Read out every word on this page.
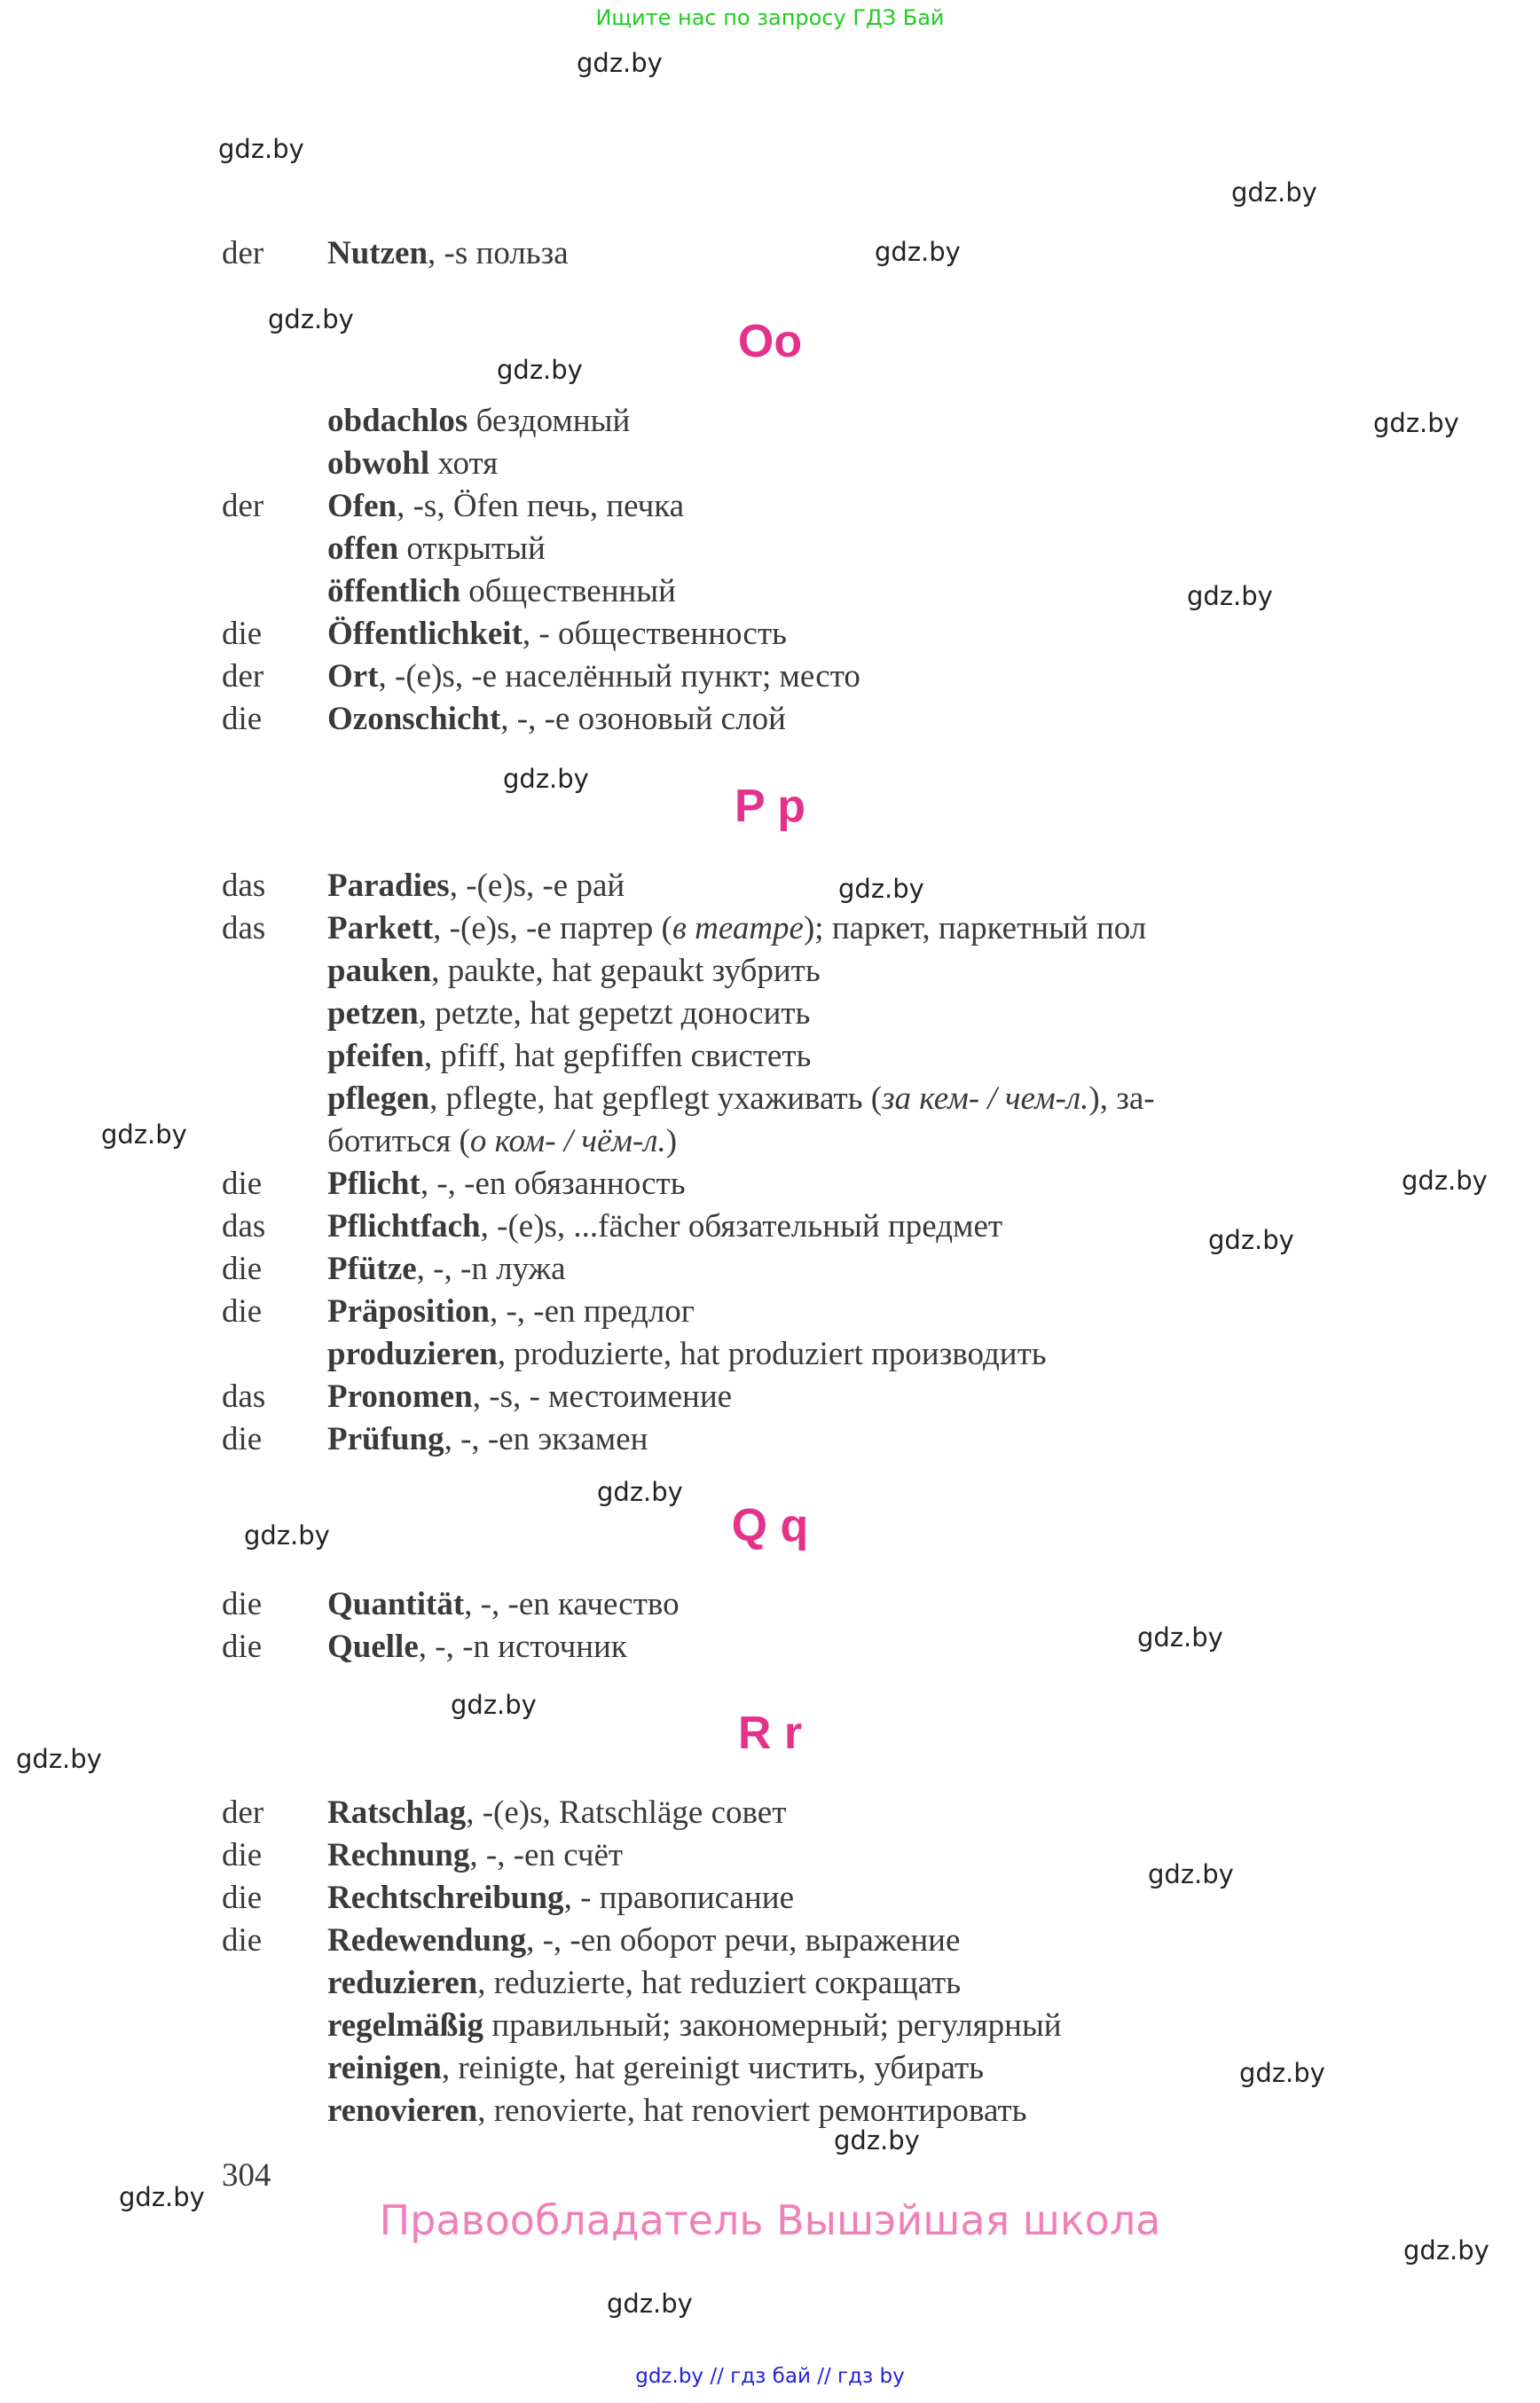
Ищите нас по запросу ГДЗ Бай
gdz.by
gdz.by
gdz.by
gdz.by
gdz.by
gdz.by
gdz.by
gdz.by
gdz.by
gdz.by
gdz.by
gdz.by
gdz.by
gdz.by
gdz.by
gdz.by
gdz.by
gdz.by
gdz.by
gdz.by
gdz.by
gdz.by
gdz.by
gdz.by
der Nutzen, -s польза
Oo
obdachlos бездомный
obwohl хотя
der Ofen, -s, Öfen печь, печка
offen открытый
öffentlich общественный
die Öffentlichkeit, - общественность
der Ort, -(e)s, -e населённый пункт; место
die Ozonschicht, -, -e озоновый слой
P p
das Paradies, -(e)s, -e рай
das Parkett, -(e)s, -e партер (в театре); паркет, паркетный пол
pauken, paukte, hat gepaukt зубрить
petzen, petzte, hat gepetzt доносить
pfeifen, pfiff, hat gepfiffen свистеть
pflegen, pflegte, hat gepflegt ухаживать (за кем- / чем-л.), за-
ботиться (о ком- / чём-л.)
die Pflicht, -, -en обязанность
das Pflichtfach, -(e)s, ...fächer обязательный предмет
die Pfütze, -, -n лужа
die Präposition, -, -en предлог
produzieren, produzierte, hat produziert производить
das Pronomen, -s, - местоимение
die Prüfung, -, -en экзамен
Q q
die Quantität, -, -en качество
die Quelle, -, -n источник
R r
der Ratschlag, -(e)s, Ratschläge совет
die Rechnung, -, -en счёт
die Rechtschreibung, - правописание
die Redewendung, -, -en оборот речи, выражение
reduzieren, reduzierte, hat reduziert сокращать
regelmäßig правильный; закономерный; регулярный
reinigen, reinigte, hat gereinigt чистить, убирать
renovieren, renovierte, hat renoviert ремонтировать
304
Правообладатель Вышэйшая школа
gdz.by // гдз бай // гдз by
